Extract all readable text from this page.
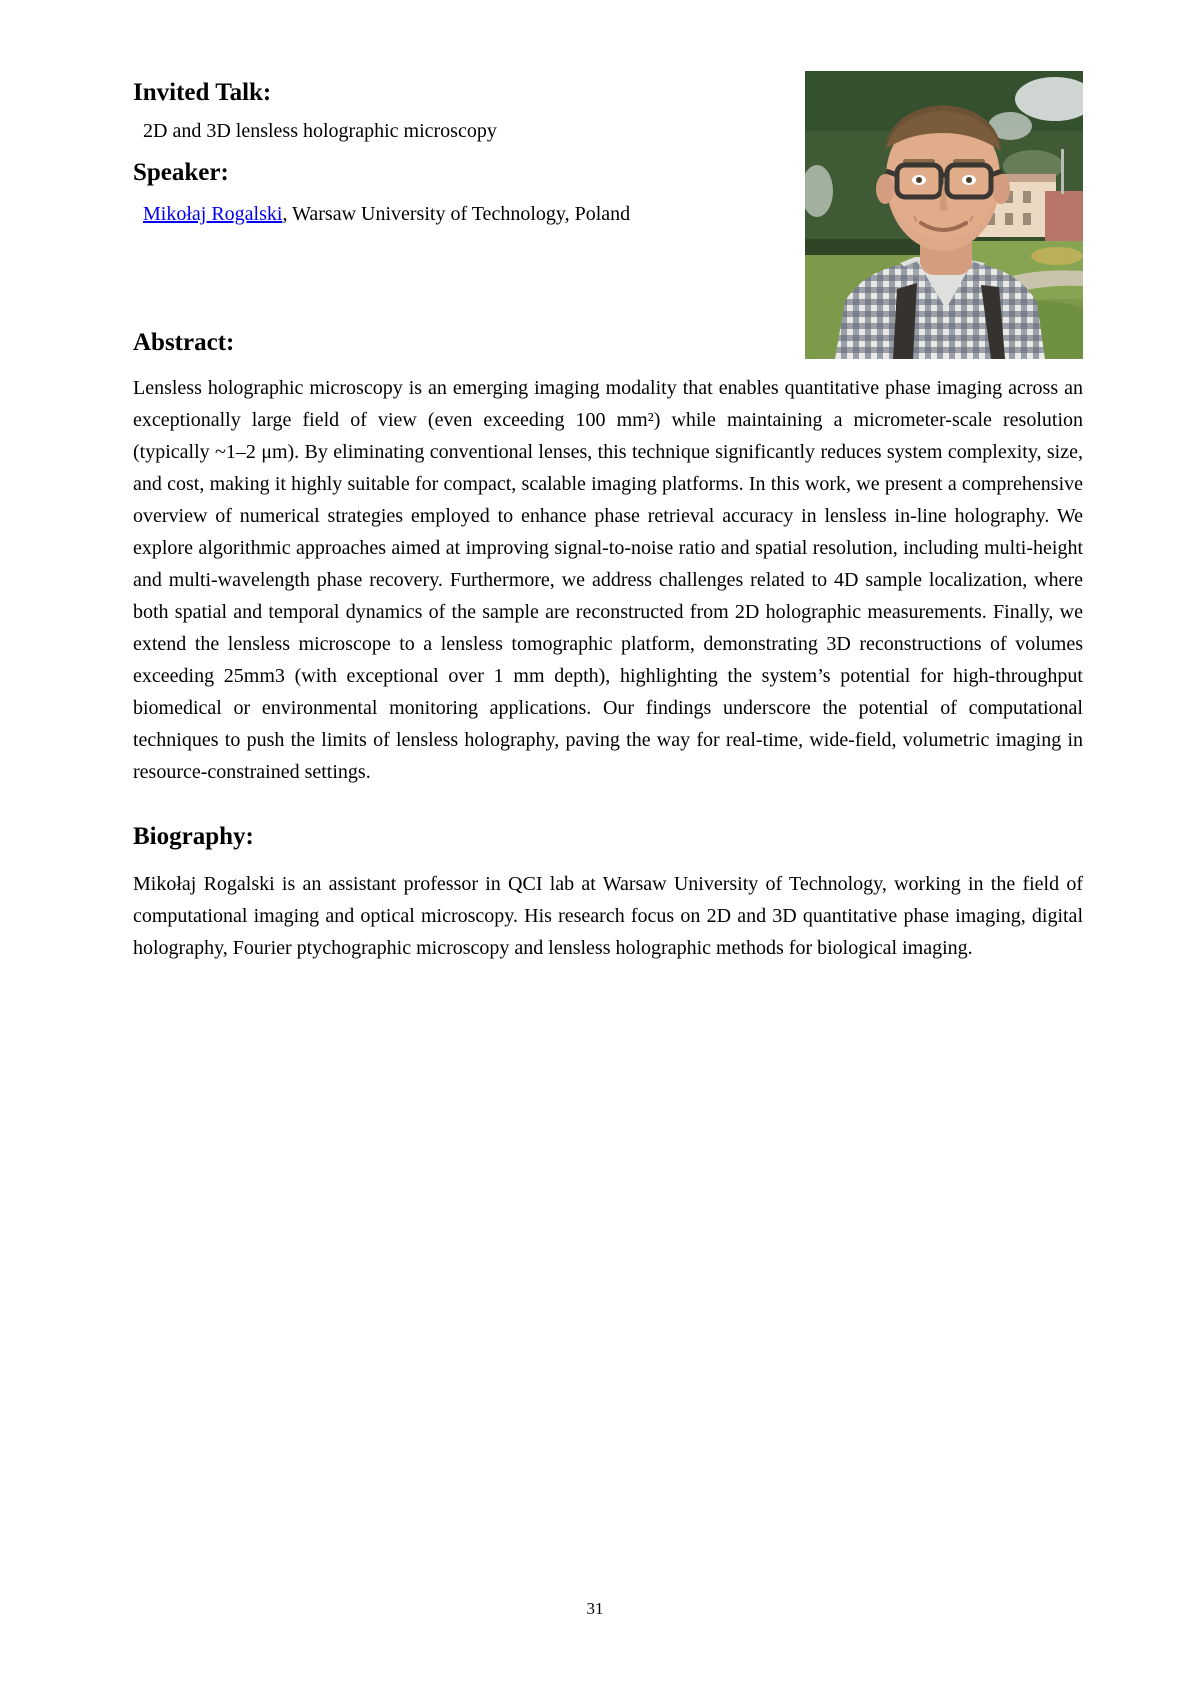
Invited Talk:
2D and 3D lensless holographic microscopy
Speaker:
Mikołaj Rogalski, Warsaw University of Technology, Poland
Abstract:
Lensless holographic microscopy is an emerging imaging modality that enables quantitative phase imaging across an exceptionally large field of view (even exceeding 100 mm²) while maintaining a micrometer-scale resolution (typically ~1–2 μm). By eliminating conventional lenses, this technique significantly reduces system complexity, size, and cost, making it highly suitable for compact, scalable imaging platforms. In this work, we present a comprehensive overview of numerical strategies employed to enhance phase retrieval accuracy in lensless in-line holography. We explore algorithmic approaches aimed at improving signal-to-noise ratio and spatial resolution, including multi-height and multi-wavelength phase recovery. Furthermore, we address challenges related to 4D sample localization, where both spatial and temporal dynamics of the sample are reconstructed from 2D holographic measurements. Finally, we extend the lensless microscope to a lensless tomographic platform, demonstrating 3D reconstructions of volumes exceeding 25mm3 (with exceptional over 1 mm depth), highlighting the system’s potential for high-throughput biomedical or environmental monitoring applications. Our findings underscore the potential of computational techniques to push the limits of lensless holography, paving the way for real-time, wide-field, volumetric imaging in resource-constrained settings.
Biography:
Mikołaj Rogalski is an assistant professor in QCI lab at Warsaw University of Technology, working in the field of computational imaging and optical microscopy. His research focus on 2D and 3D quantitative phase imaging, digital holography, Fourier ptychographic microscopy and lensless holographic methods for biological imaging.
31
